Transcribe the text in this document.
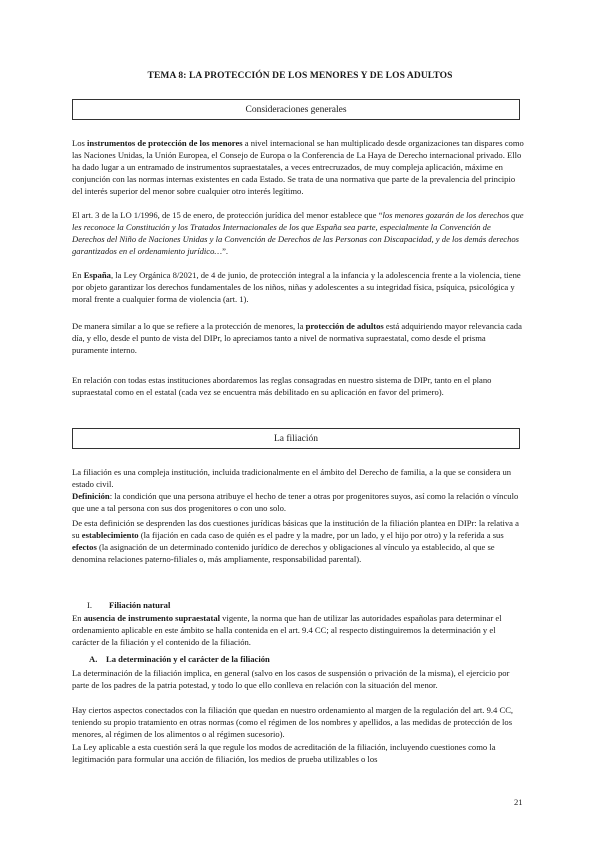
TEMA 8: LA PROTECCIÓN DE LOS MENORES Y DE LOS ADULTOS
Consideraciones generales

Los instrumentos de protección de los menores a nivel internacional se han multiplicado desde organizaciones tan dispares como las Naciones Unidas, la Unión Europea, el Consejo de Europa o la Conferencia de La Haya de Derecho internacional privado. Ello ha dado lugar a un entramado de instrumentos supraestatales, a veces entrecruzados, de muy compleja aplicación, máxime en conjunción con las normas internas existentes en cada Estado. Se trata de una normativa que parte de la prevalencia del principio del interés superior del menor sobre cualquier otro interés legítimo.

El art. 3 de la LO 1/1996, de 15 de enero, de protección jurídica del menor establece que “los menores gozarán de los derechos que les reconoce la Constitución y los Tratados Internacionales de los que España sea parte, especialmente la Convención de Derechos del Niño de Naciones Unidas y la Convención de Derechos de las Personas con Discapacidad, y de los demás derechos garantizados en el ordenamiento jurídico…”.

En España, la Ley Orgánica 8/2021, de 4 de junio, de protección integral a la infancia y la adolescencia frente a la violencia, tiene por objeto garantizar los derechos fundamentales de los niños, niñas y adolescentes a su integridad física, psíquica, psicológica y moral frente a cualquier forma de violencia (art. 1).

De manera similar a lo que se refiere a la protección de menores, la protección de adultos está adquiriendo mayor relevancia cada día, y ello, desde el punto de vista del DIPr, lo apreciamos tanto a nivel de normativa supraestatal, como desde el prisma puramente interno.

En relación con todas estas instituciones abordaremos las reglas consagradas en nuestro sistema de DIPr, tanto en el plano supraestatal como en el estatal (cada vez se encuentra más debilitado en su aplicación en favor del primero).

La filiación

La filiación es una compleja institución, incluida tradicionalmente en el ámbito del Derecho de familia, a la que se considera un estado civil.

Definición: la condición que una persona atribuye el hecho de tener a otras por progenitores suyos, así como la relación o vínculo que une a tal persona con sus dos progenitores o con uno solo.

De esta definición se desprenden las dos cuestiones jurídicas básicas que la institución de la filiación plantea en DIPr: la relativa a su establecimiento (la fijación en cada caso de quién es el padre y la madre, por un lado, y el hijo por otro) y la referida a sus efectos (la asignación de un determinado contenido jurídico de derechos y obligaciones al vínculo ya establecido, al que se denomina relaciones paterno-filiales o, más ampliamente, responsabilidad parental).

I. Filiación natural

En ausencia de instrumento supraestatal vigente, la norma que han de utilizar las autoridades españolas para determinar el ordenamiento aplicable en este ámbito se halla contenida en el art. 9.4 CC; al respecto distinguiremos la determinación y el carácter de la filiación y el contenido de la filiación.

A. La determinación y el carácter de la filiación

La determinación de la filiación implica, en general (salvo en los casos de suspensión o privación de la misma), el ejercicio por parte de los padres de la patria potestad, y todo lo que ello conlleva en relación con la situación del menor.

Hay ciertos aspectos conectados con la filiación que quedan en nuestro ordenamiento al margen de la regulación del art. 9.4 CC, teniendo su propio tratamiento en otras normas (como el régimen de los nombres y apellidos, a las medidas de protección de los menores, al régimen de los alimentos o al régimen sucesorio).

La Ley aplicable a esta cuestión será la que regule los modos de acreditación de la filiación, incluyendo cuestiones como la legitimación para formular una acción de filiación, los medios de prueba utilizables o los

21
